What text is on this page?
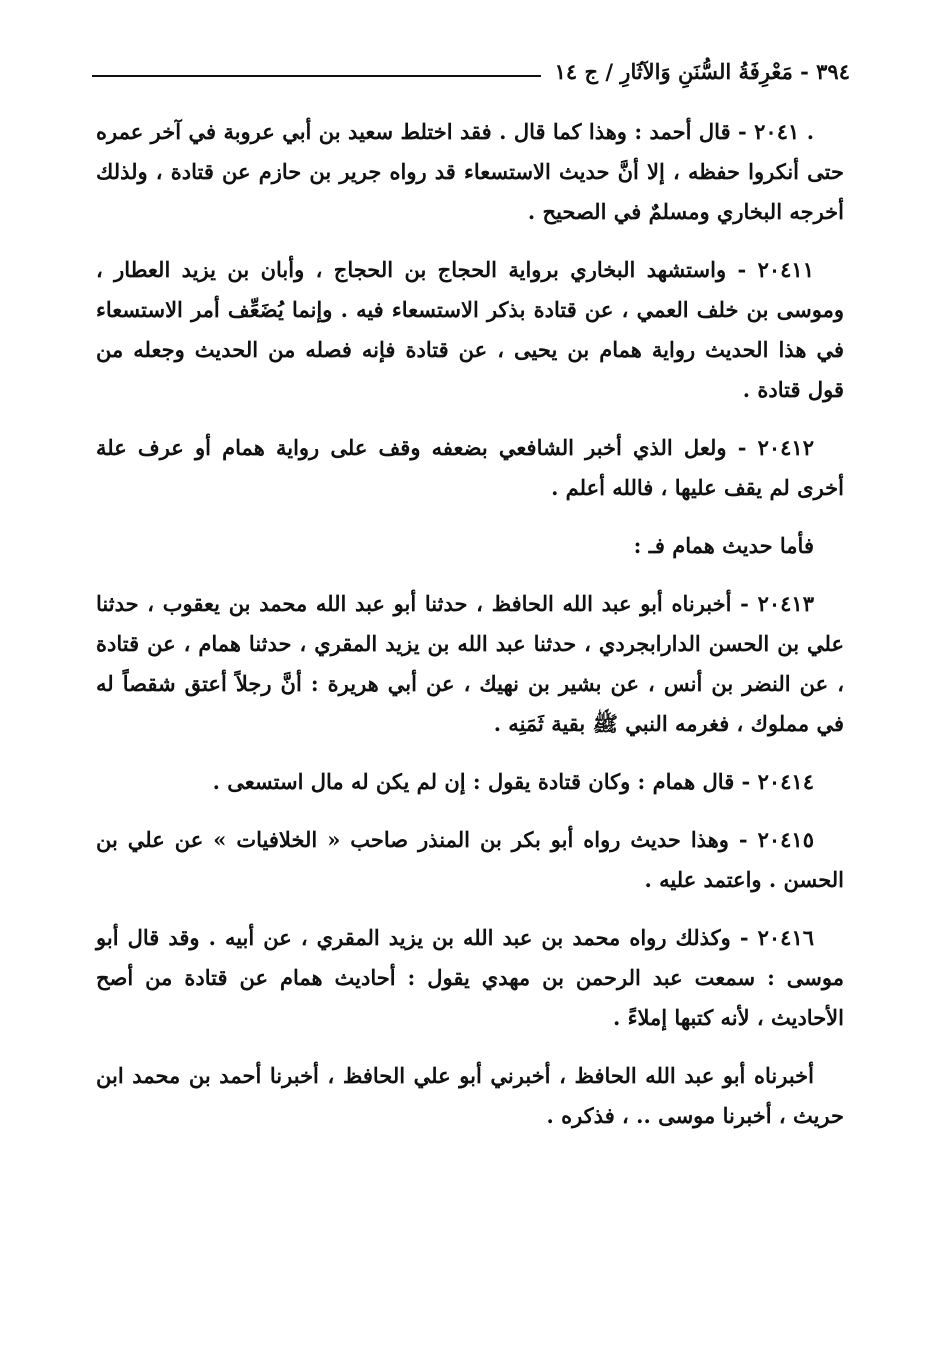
٣٩٤ - مَعْرِفَةُ السُّنَنِ وَالآثَارِ / ج ١٤

. ٢٠٤١ - قال أحمد : وهذا كما قال . فقد اختلط سعيد بن أبي عروبة في آخر عمره حتى أنكروا حفظه ، إلا أنَّ حديث الاستسعاء قد رواه جرير بن حازم عن قتادة ، ولذلك أخرجه البخاري ومسلمٌ في الصحيح .

٢٠٤١١ - واستشهد البخاري برواية الحجاج بن الحجاج ، وأبان بن يزيد العطار ، وموسى بن خلف العمي ، عن قتادة بذكر الاستسعاء فيه . وإنما يُضَعِّف أمر الاستسعاء في هذا الحديث رواية همام بن يحيى ، عن قتادة فإنه فصله من الحديث وجعله من قول قتادة .

٢٠٤١٢ - ولعل الذي أخبر الشافعي بضعفه وقف على رواية همام أو عرف علة أخرى لم يقف عليها ، فالله أعلم .

فأما حديث همام فـ :

٢٠٤١٣ - أخبرناه أبو عبد الله الحافظ ، حدثنا أبو عبد الله محمد بن يعقوب ، حدثنا علي بن الحسن الدارابجردي ، حدثنا عبد الله بن يزيد المقري ، حدثنا همام ، عن قتادة ، عن النضر بن أنس ، عن بشير بن نهيك ، عن أبي هريرة : أنَّ رجلاً أعتق شقصاً له في مملوك ، فغرمه النبي ﷺ بقية ثَمَنِه .

٢٠٤١٤ - قال همام : وكان قتادة يقول : إن لم يكن له مال استسعى .

٢٠٤١٥ - وهذا حديث رواه أبو بكر بن المنذر صاحب « الخلافيات » عن علي بن الحسن . واعتمد عليه .

٢٠٤١٦ - وكذلك رواه محمد بن عبد الله بن يزيد المقري ، عن أبيه . وقد قال أبو موسى : سمعت عبد الرحمن بن مهدي يقول : أحاديث همام عن قتادة من أصح الأحاديث ، لأنه كتبها إملاءً .

أخبرناه أبو عبد الله الحافظ ، أخبرني أبو علي الحافظ ، أخبرنا أحمد بن محمد ابن حريث ، أخبرنا موسى .. ، فذكره .
